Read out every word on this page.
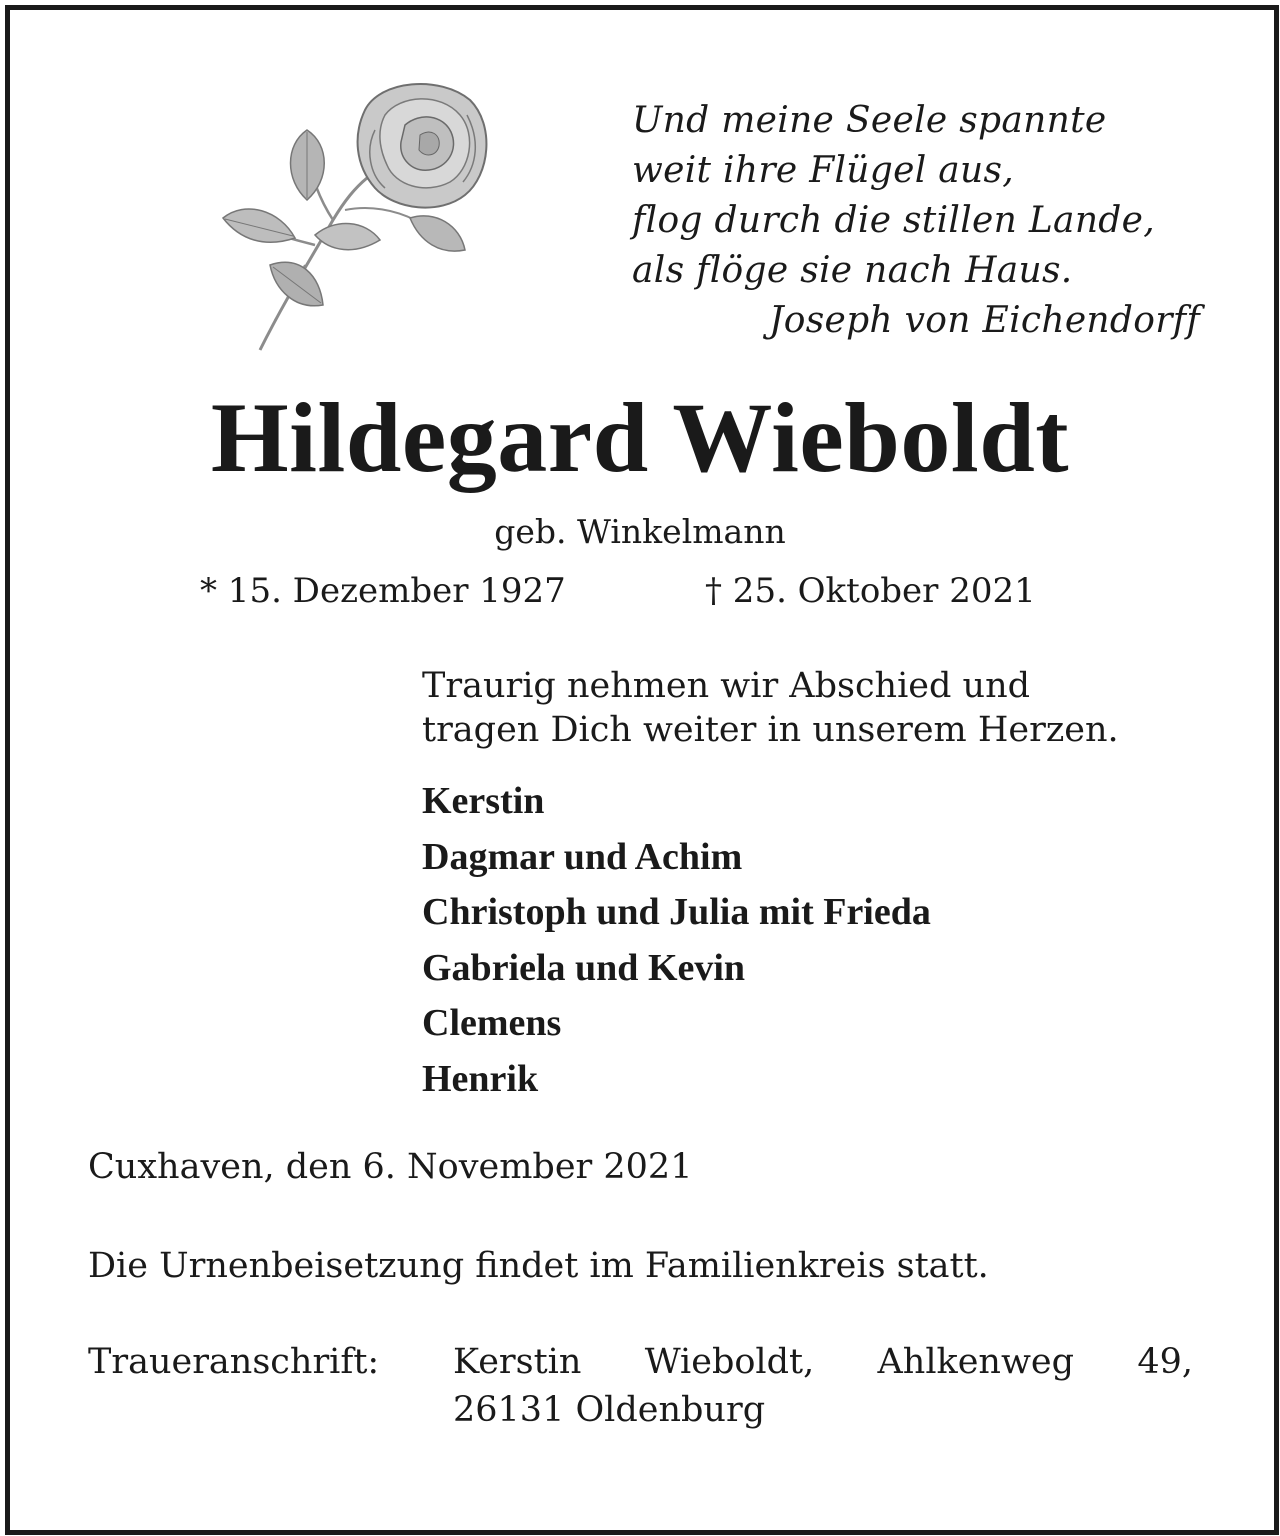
Und meine Seele spannte
weit ihre Flügel aus,
flog durch die stillen Lande,
als flöge sie nach Haus.
Joseph von Eichendorff
Hildegard Wieboldt
geb. Winkelmann
* 15. Dezember 1927	† 25. Oktober 2021
Traurig nehmen wir Abschied und
tragen Dich weiter in unserem Herzen.
Kerstin
Dagmar und Achim
Christoph und Julia mit Frieda
Gabriela und Kevin
Clemens
Henrik
Cuxhaven, den 6. November 2021
Die Urnenbeisetzung findet im Familienkreis statt.
Traueranschrift: Kerstin Wieboldt, Ahlkenweg 49,
26131 Oldenburg
